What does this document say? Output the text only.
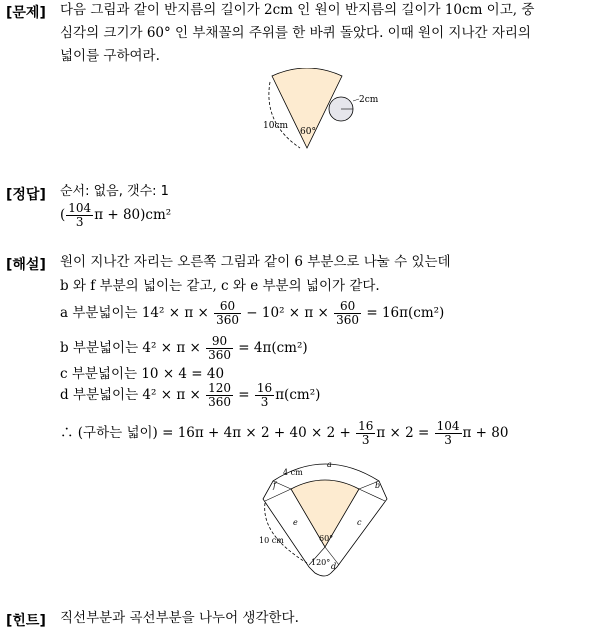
[문제] 다음 그림과 같이 반지름의 길이가 2cm 인 원이 반지름의 길이가 10cm 이고, 중
심각의 크기가 60° 인 부채꼴의 주위를 한 바퀴 돌았다. 이때 원이 지나간 자리의
넓이를 구하여라.
2cm
10cm
60°
[정답] 순서: 없음, 갯수: 1
( $\frac{104}{3}$ π + 80)cm²
[해설] 원이 지나간 자리는 오른쪽 그림과 같이 6 부분으로 나눌 수 있는데
b 와 f 부분의 넓이는 같고, c 와 e 부분의 넓이가 같다.
a 부분넓이는 $14^2 \times \pi \times \frac{60}{360} - 10^2 \times \pi \times \frac{60}{360} = 16\pi(cm^2)$
b 부분넓이는 $4^2 \times \pi \times \frac{90}{360} = 4\pi(cm^2)$
c 부분넓이는 10 × 4 = 40
d 부분넓이는 $4^2 \times \pi \times \frac{120}{360} = \frac{16}{3} \pi(cm^2)$
∴ (구하는 넓이) = $16\pi + 4\pi \times 2 + 40 \times 2 + \frac{16}{3}$ $\pi \times 2 = \frac{104}{3}$ π + 80
4 cm
a
f	b
e	c
10 cm	60°
120° d
[힌트] 직선부분과 곡선부분을 나누어 생각한다.
